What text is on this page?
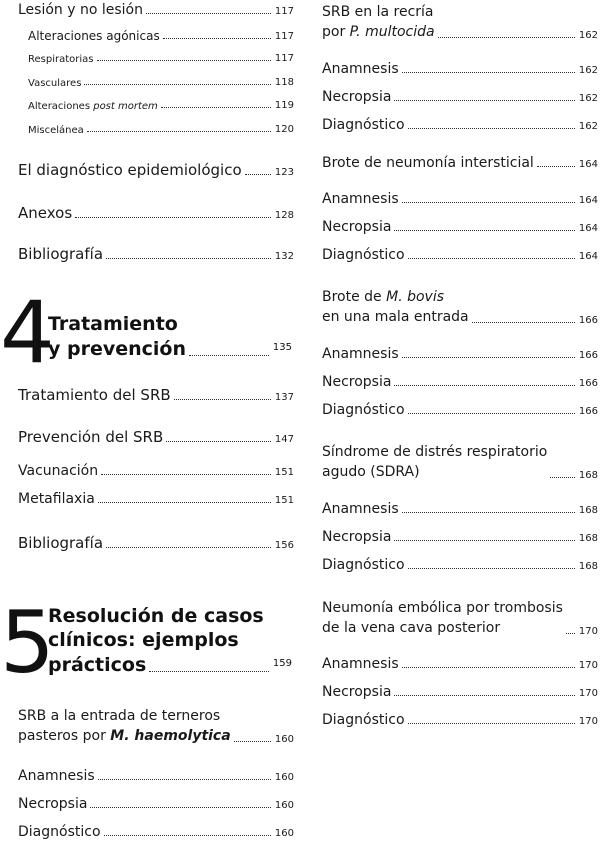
Lesión y no lesión	117
Alteraciones agónicas	117
Respiratorias	117
Vasculares	118
Alteraciones post mortem	119
Miscelánea	120
El diagnóstico epidemiológico	123
Anexos	128
Bibliografía	132
4
Tratamiento
y prevención	135
Tratamiento del SRB	137
Prevención del SRB	147
Vacunación	151
Metafilaxia	151
Bibliografía	156
5
Resolución de casos
clínicos: ejemplos
prácticos	159
SRB a la entrada de terneros
pasteros por M. haemolytica	160
Anamnesis	160
Necropsia	160
Diagnóstico	160
SRB en la recría
por P. multocida	162
Anamnesis	162
Necropsia	162
Diagnóstico	162
Brote de neumonía intersticial	164
Anamnesis	164
Necropsia	164
Diagnóstico	164
Brote de M. bovis
en una mala entrada	166
Anamnesis	166
Necropsia	166
Diagnóstico	166
Síndrome de distrés respiratorio
agudo (SDRA)	168
Anamnesis	168
Necropsia	168
Diagnóstico	168
Neumonía embólica por trombosis
de la vena cava posterior	170
Anamnesis	170
Necropsia	170
Diagnóstico	170
